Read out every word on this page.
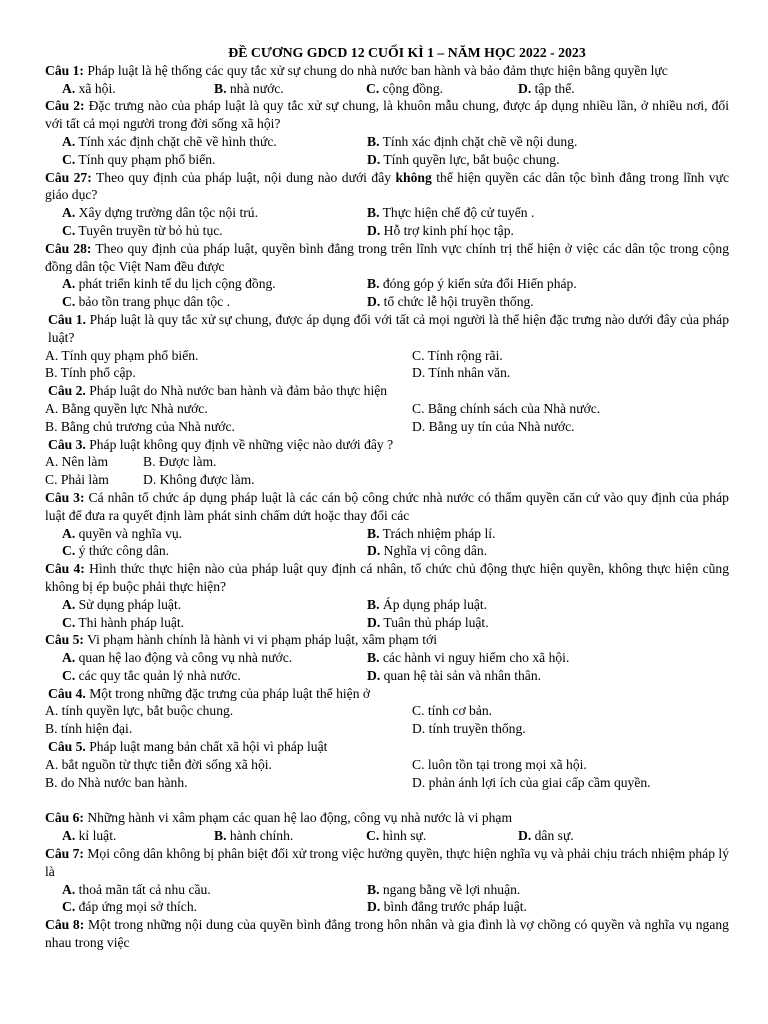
ĐỀ CƯƠNG GDCD 12 CUỐI KÌ 1 – NĂM HỌC 2022 - 2023
Câu 1: Pháp luật là hệ thống các quy tắc xử sự chung do nhà nước ban hành và bảo đảm thực hiện bằng quyền lực
A. xã hội.	B. nhà nước.	C. cộng đồng.	D. tập thể.
Câu 2: Đặc trưng nào của pháp luật là quy tắc xử sự chung, là khuôn mẫu chung, được áp dụng nhiều lần, ở nhiều nơi, đối với tất cả mọi người trong đời sống xã hội?
A. Tính xác định chặt chẽ về hình thức.	B. Tính xác định chặt chẽ về nội dung.
C. Tính quy phạm phổ biến.	D. Tính quyền lực, bắt buộc chung.
Câu 27: Theo quy định của pháp luật, nội dung nào dưới đây không thể hiện quyền các dân tộc bình đẳng trong lĩnh vực giáo dục?
A. Xây dựng trường dân tộc nội trú.	B. Thực hiện chế độ cử tuyển .
C. Tuyên truyền từ bỏ hủ tục.	D. Hỗ trợ kinh phí học tập.
Câu 28: Theo quy định của pháp luật, quyền bình đẳng trong trên lĩnh vực chính trị thể hiện ở việc các dân tộc trong cộng đồng dân tộc Việt Nam đều được
A. phát triển kinh tế du lịch cộng đồng.	B. đóng góp ý kiến sửa đổi Hiến pháp.
C. bảo tồn trang phục dân tộc .	D. tổ chức lễ hội truyền thống.
Câu 1. Pháp luật là quy tắc xử sự chung, được áp dụng đối với tất cả mọi người là thể hiện đặc trưng nào dưới đây của pháp luật?
A. Tính quy phạm phổ biến.	C. Tính rộng rãi.
B. Tính phổ cập.	D. Tính nhân văn.
Câu 2. Pháp luật do Nhà nước ban hành và đảm bảo thực hiện
A. Bằng quyền lực Nhà nước.	C. Bằng chính sách của Nhà nước.
B. Bằng chủ trương của Nhà nước.	D. Bằng uy tín của Nhà nước.
Câu 3. Pháp luật không quy định về những việc nào dưới đây ?
A. Nên làm	B. Được làm.
C. Phải làm	D. Không được làm.
Câu 3: Cá nhân tổ chức áp dụng pháp luật là các cán bộ công chức nhà nước có thẩm quyền căn cứ vào quy định của pháp luật để đưa ra quyết định làm phát sinh chấm dứt hoặc thay đổi các
A. quyền và nghĩa vụ.	B. Trách nhiệm pháp lí.
C. ý thức công dân.	D. Nghĩa vị công dân.
Câu 4: Hình thức thực hiện nào của pháp luật quy định cá nhân, tổ chức chủ động thực hiện quyền, không thực hiện cũng không bị ép buộc phải thực hiện?
A. Sử dụng pháp luật.	B. Áp dụng pháp luật.
C. Thi hành pháp luật.	D. Tuân thủ pháp luật.
Câu 5: Vi phạm hành chính là hành vi vi phạm pháp luật, xâm phạm tới
A. quan hệ lao động và công vụ nhà nước.	B. các hành vi nguy hiểm cho xã hội.
C. các quy tắc quản lý nhà nước.	D. quan hệ tài sản và nhân thân.
Câu 4. Một trong những đặc trưng của pháp luật thể hiện ở
A. tính quyền lực, bắt buộc chung.	C. tính cơ bản.
B. tính hiện đại.	D. tính truyền thống.
Câu 5. Pháp luật mang bản chất xã hội vì pháp luật
A. bắt nguồn từ thực tiễn đời sống xã hội.	C. luôn tồn tại trong mọi xã hội.
B. do Nhà nước ban hành.	D. phản ánh lợi ích của giai cấp cầm quyền.
Câu 6: Những hành vi xâm phạm các quan hệ lao động, công vụ nhà nước là vi phạm
A. kỉ luật.	B. hành chính.	C. hình sự.	D. dân sự.
Câu 7: Mọi công dân không bị phân biệt đối xử trong việc hưởng quyền, thực hiện nghĩa vụ và phải chịu trách nhiệm pháp lý là
A. thoả mãn tất cả nhu cầu.	B. ngang bằng về lợi nhuận.
C. đáp ứng mọi sở thích.	D. bình đẳng trước pháp luật.
Câu 8: Một trong những nội dung của quyền bình đẳng trong hôn nhân và gia đình là vợ chồng có quyền và nghĩa vụ ngang nhau trong việc
